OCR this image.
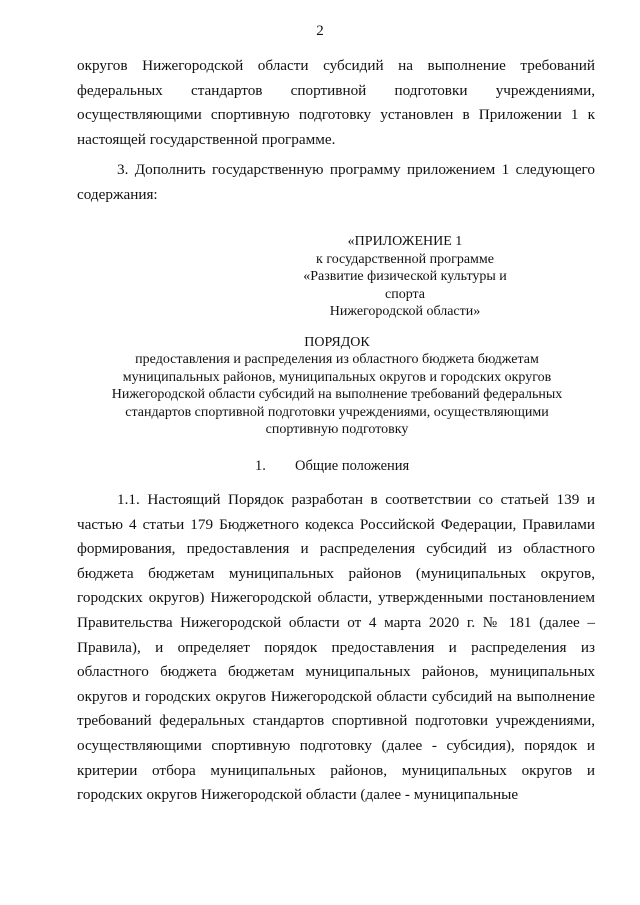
2

округов Нижегородской области субсидий на выполнение требований федеральных стандартов спортивной подготовки учреждениями, осуществляющими спортивную подготовку установлен в Приложении 1 к настоящей государственной программе.

3. Дополнить государственную программу приложением 1 следующего содержания:

«ПРИЛОЖЕНИЕ 1
к государственной программе
«Развитие физической культуры и спорта
Нижегородской области»
ПОРЯДОК
предоставления и распределения из областного бюджета бюджетам
муниципальных районов, муниципальных округов и городских округов
Нижегородской области субсидий на выполнение требований федеральных
стандартов спортивной подготовки учреждениями, осуществляющими
спортивную подготовку
1. Общие положения

1.1. Настоящий Порядок разработан в соответствии со статьей 139 и частью 4 статьи 179 Бюджетного кодекса Российской Федерации, Правилами формирования, предоставления и распределения субсидий из областного бюджета бюджетам муниципальных районов (муниципальных округов, городских округов) Нижегородской области, утвержденными постановлением Правительства Нижегородской области от 4 марта 2020 г. № 181 (далее – Правила), и определяет порядок предоставления и распределения из областного бюджета бюджетам муниципальных районов, муниципальных округов и городских округов Нижегородской области субсидий на выполнение требований федеральных стандартов спортивной подготовки учреждениями, осуществляющими спортивную подготовку (далее - субсидия), порядок и критерии отбора муниципальных районов, муниципальных округов и городских округов Нижегородской области (далее - муниципальные
